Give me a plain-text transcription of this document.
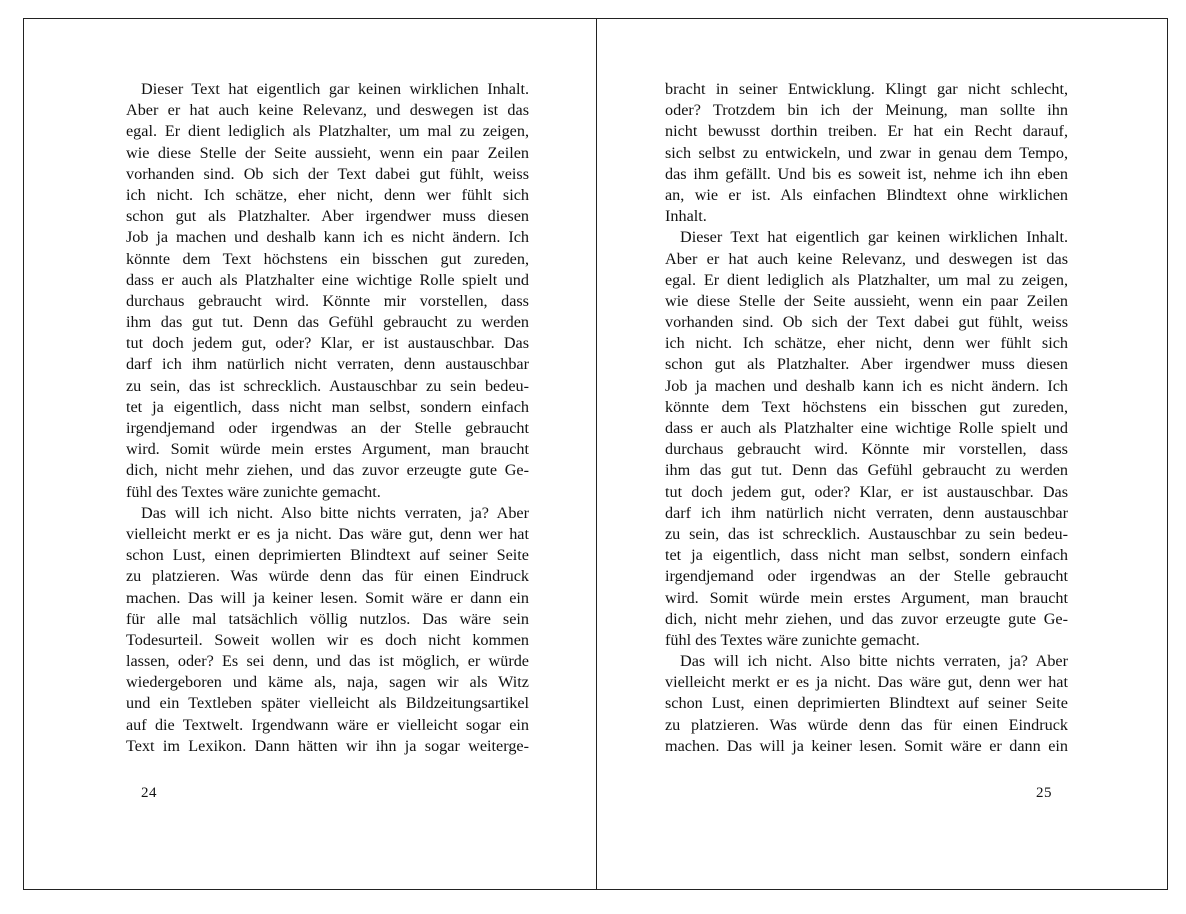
Dieser Text hat eigentlich gar keinen wirklichen Inhalt.
Aber er hat auch keine Relevanz, und deswegen ist das
egal. Er dient lediglich als Platzhalter, um mal zu zeigen,
wie diese Stelle der Seite aussieht, wenn ein paar Zeilen
vorhanden sind. Ob sich der Text dabei gut fühlt, weiss
ich nicht. Ich schätze, eher nicht, denn wer fühlt sich
schon gut als Platzhalter. Aber irgendwer muss diesen
Job ja machen und deshalb kann ich es nicht ändern. Ich
könnte dem Text höchstens ein bisschen gut zureden,
dass er auch als Platzhalter eine wichtige Rolle spielt und
durchaus gebraucht wird. Könnte mir vorstellen, dass
ihm das gut tut. Denn das Gefühl gebraucht zu werden
tut doch jedem gut, oder? Klar, er ist austauschbar. Das
darf ich ihm natürlich nicht verraten, denn austauschbar
zu sein, das ist schrecklich. Austauschbar zu sein bedeu-
tet ja eigentlich, dass nicht man selbst, sondern einfach
irgendjemand oder irgendwas an der Stelle gebraucht
wird. Somit würde mein erstes Argument, man braucht
dich, nicht mehr ziehen, und das zuvor erzeugte gute Ge-
fühl des Textes wäre zunichte gemacht.
Das will ich nicht. Also bitte nichts verraten, ja? Aber
vielleicht merkt er es ja nicht. Das wäre gut, denn wer hat
schon Lust, einen deprimierten Blindtext auf seiner Seite
zu platzieren. Was würde denn das für einen Eindruck
machen. Das will ja keiner lesen. Somit wäre er dann ein
für alle mal tatsächlich völlig nutzlos. Das wäre sein
Todesurteil. Soweit wollen wir es doch nicht kommen
lassen, oder? Es sei denn, und das ist möglich, er würde
wiedergeboren und käme als, naja, sagen wir als Witz
und ein Textleben später vielleicht als Bildzeitungsartikel
auf die Textwelt. Irgendwann wäre er vielleicht sogar ein
Text im Lexikon. Dann hätten wir ihn ja sogar weiterge-
24
bracht in seiner Entwicklung. Klingt gar nicht schlecht,
oder? Trotzdem bin ich der Meinung, man sollte ihn
nicht bewusst dorthin treiben. Er hat ein Recht darauf,
sich selbst zu entwickeln, und zwar in genau dem Tempo,
das ihm gefällt. Und bis es soweit ist, nehme ich ihn eben
an, wie er ist. Als einfachen Blindtext ohne wirklichen
Inhalt.
Dieser Text hat eigentlich gar keinen wirklichen Inhalt.
Aber er hat auch keine Relevanz, und deswegen ist das
egal. Er dient lediglich als Platzhalter, um mal zu zeigen,
wie diese Stelle der Seite aussieht, wenn ein paar Zeilen
vorhanden sind. Ob sich der Text dabei gut fühlt, weiss
ich nicht. Ich schätze, eher nicht, denn wer fühlt sich
schon gut als Platzhalter. Aber irgendwer muss diesen
Job ja machen und deshalb kann ich es nicht ändern. Ich
könnte dem Text höchstens ein bisschen gut zureden,
dass er auch als Platzhalter eine wichtige Rolle spielt und
durchaus gebraucht wird. Könnte mir vorstellen, dass
ihm das gut tut. Denn das Gefühl gebraucht zu werden
tut doch jedem gut, oder? Klar, er ist austauschbar. Das
darf ich ihm natürlich nicht verraten, denn austauschbar
zu sein, das ist schrecklich. Austauschbar zu sein bedeu-
tet ja eigentlich, dass nicht man selbst, sondern einfach
irgendjemand oder irgendwas an der Stelle gebraucht
wird. Somit würde mein erstes Argument, man braucht
dich, nicht mehr ziehen, und das zuvor erzeugte gute Ge-
fühl des Textes wäre zunichte gemacht.
Das will ich nicht. Also bitte nichts verraten, ja? Aber
vielleicht merkt er es ja nicht. Das wäre gut, denn wer hat
schon Lust, einen deprimierten Blindtext auf seiner Seite
zu platzieren. Was würde denn das für einen Eindruck
machen. Das will ja keiner lesen. Somit wäre er dann ein
25
